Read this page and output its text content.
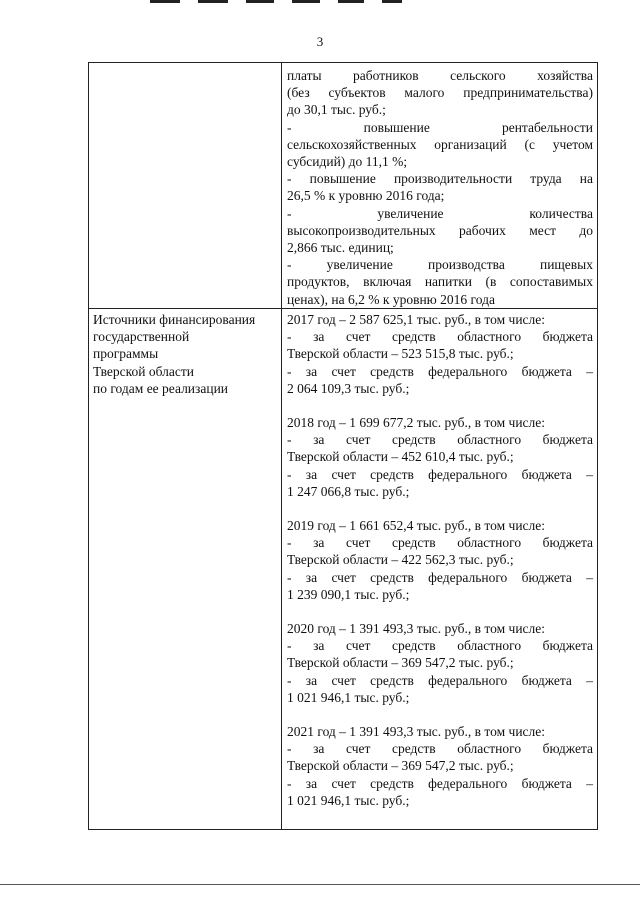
3
платы работников сельского хозяйства
(без субъектов малого предпринимательства)
до 30,1 тыс. руб.;
- повышение рентабельности
сельскохозяйственных организаций (с учетом
субсидий) до 11,1 %;
- повышение производительности труда на
26,5 % к уровню 2016 года;
- увеличение количества
высокопроизводительных рабочих мест до
2,866 тыс. единиц;
- увеличение производства пищевых
продуктов, включая напитки (в сопоставимых
ценах), на 6,2 % к уровню 2016 года
Источники финансирования
государственной
программы
Тверской области
по годам ее реализации
2017 год – 2 587 625,1 тыс. руб., в том числе:
- за счет средств областного бюджета
Тверской области – 523 515,8 тыс. руб.;
- за счет средств федерального бюджета –
2 064 109,3 тыс. руб.;
2018 год – 1 699 677,2 тыс. руб., в том числе:
- за счет средств областного бюджета
Тверской области – 452 610,4 тыс. руб.;
- за счет средств федерального бюджета –
1 247 066,8 тыс. руб.;
2019 год – 1 661 652,4 тыс. руб., в том числе:
- за счет средств областного бюджета
Тверской области – 422 562,3 тыс. руб.;
- за счет средств федерального бюджета –
1 239 090,1 тыс. руб.;
2020 год – 1 391 493,3 тыс. руб., в том числе:
- за счет средств областного бюджета
Тверской области – 369 547,2 тыс. руб.;
- за счет средств федерального бюджета –
1 021 946,1 тыс. руб.;
2021 год – 1 391 493,3 тыс. руб., в том числе:
- за счет средств областного бюджета
Тверской области – 369 547,2 тыс. руб.;
- за счет средств федерального бюджета –
1 021 946,1 тыс. руб.;
